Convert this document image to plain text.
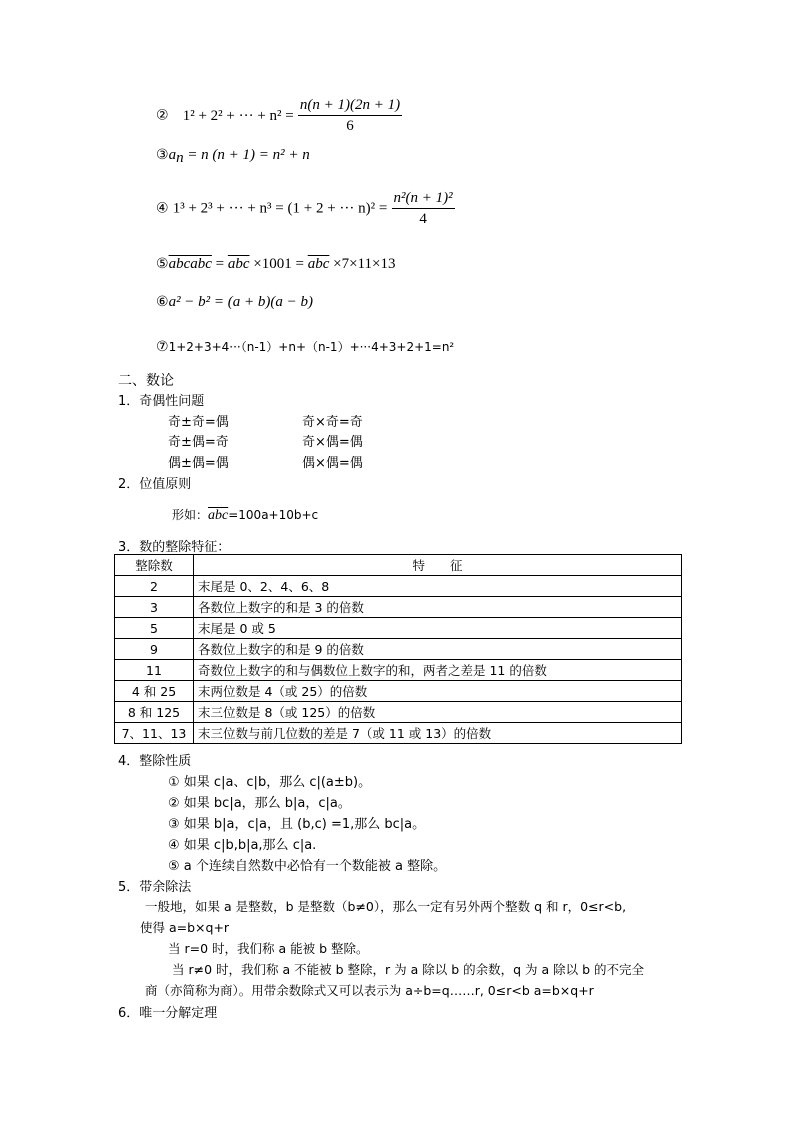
② 1² + 2² + ··· + $n^2 = \frac{n(n + 1)(2n + 1)}{6}$
$③a_n = n$ (n + 1) = n² + n
④ 1³ + 2³ + ··· + n³ = (1 + 2 + ··· $n)^2 = \frac{\text{n²(n + 1)²}}{4}$
⑤abcabc = $\overline{abc} \times 1001 = \overline{abc} \times 7\times 11\times 13$
⑥a² − b² = (a + b)(a − b)
⑦1+2+3+4···（n-1）+n+（n-1）+···4+3+2+1=n²
二、数论
1．奇偶性问题
奇±奇=偶	奇×奇=奇
奇±偶=奇	奇×偶=偶
偶±偶=偶	偶×偶=偶
2．位值原则
形如：$\overline{abc}=100a+10b+c$
3．数的整除特征：
整除数	特　　征
2	末尾是 0、2、4、6、8
3	各数位上数字的和是 3 的倍数
5	末尾是 0 或 5
9	各数位上数字的和是 9 的倍数
11	奇数位上数字的和与偶数位上数字的和，两者之差是 11 的倍数
4 和 25	末两位数是 4（或 25）的倍数
8 和 125	末三位数是 8（或 125）的倍数
7、11、13	末三位数与前几位数的差是 7（或 11 或 13）的倍数
4．整除性质
① 如果 c|a、c|b，那么 c|(a±b)。
② 如果 bc|a，那么 b|a，c|a。
③ 如果 b|a，c|a，且 (b,c) =1,那么 bc|a。
④ 如果 c|b,b|a,那么 c|a.
⑤ a 个连续自然数中必恰有一个数能被 a 整除。
5．带余除法
一般地，如果 a 是整数，b 是整数（b≠0），那么一定有另外两个整数 q 和 r，0≤r<b,
使得 a=b×q+r
当 r=0 时，我们称 a 能被 b 整除。
当 r≠0 时，我们称 a 不能被 b 整除，r 为 a 除以 b 的余数，q 为 a 除以 b 的不完全
商（亦简称为商）。用带余数除式又可以表示为 a÷b=q……r, 0≤r<b a=b×q+r
6．唯一分解定理
